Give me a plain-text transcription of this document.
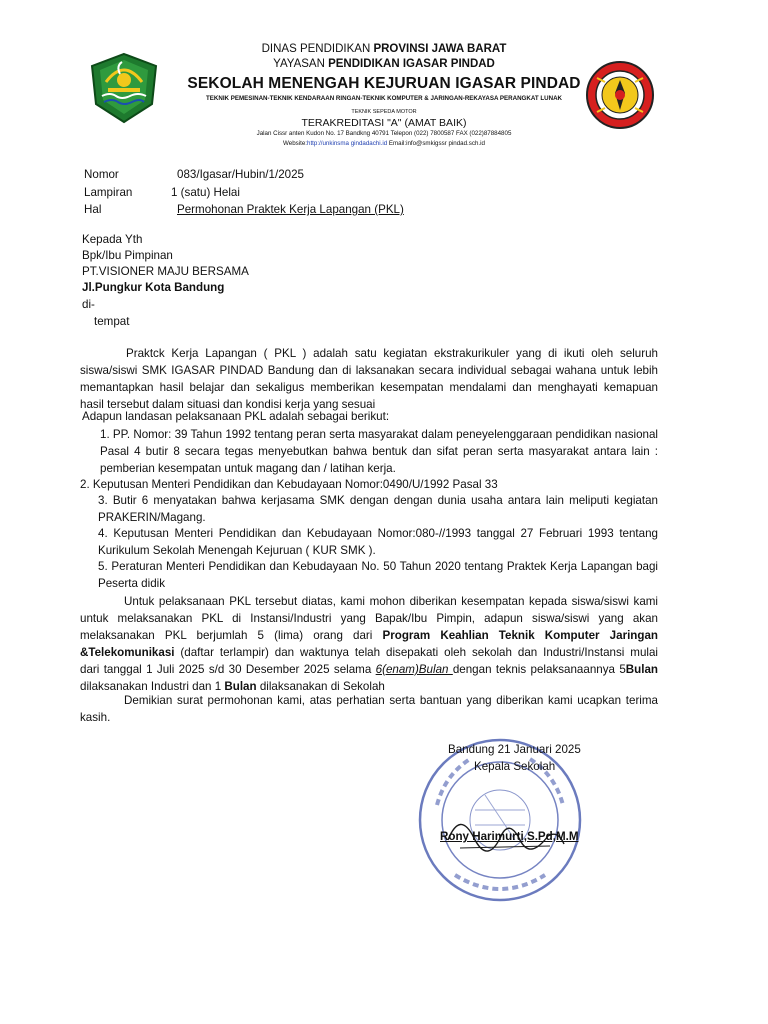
DINAS PENDIDIKAN PROVINSI JAWA BARAT
YAYASAN PENDIDIKAN IGASAR PINDAD
SEKOLAH MENENGAH KEJURUAN IGASAR PINDAD
TEKNIK PEMESINAN-TEKNIK KENDARAAN RINGAN-TEKNIK KOMPUTER & JARINGAN-REKAYASA PERANGKAT LUNAK
TEKNIK SEPEDA MOTOR
TERAKREDITASI "A" (AMAT BAIK)
Jalan Cissr anten Kudon No. 17 Bandkng 40791 Telepon (022) 7800587 FAX (022)87884805
Website:http://unkinsma gindadachi.id Email:info@smkigssr pindad.sch.id
Nomor	083/Igasar/Hubin/1/2025
Lampiran	1 (satu) Helai
Hal	Permohonan Praktek Kerja Lapangan (PKL)
Kepada Yth
Bpk/Ibu Pimpinan
PT.VISIONER MAJU BERSAMA
Jl.Pungkur Kota Bandung
di-
tempat
Praktck Kerja Lapangan ( PKL ) adalah satu kegiatan ekstrakurikuler yang di ikuti oleh seluruh
siswa/siswi SMK IGASAR PINDAD Bandung dan di laksanakan secara individual sebagai wahana untuk lebih
memantapkan hasil belajar dan sekaligus memberikan kesempatan mendalami dan menghayati kemapuan
hasil tersebut dalam situasi dan kondisi kerja yang sesuai
Adapun landasan pelaksanaan PKL adalah sebagai berikut:
1. PP. Nomor: 39 Tahun 1992 tentang peran serta masyarakat dalam peneyelenggaraan pendidikan nasional
Pasal 4 butir 8 secara tegas menyebutkan bahwa bentuk dan sifat peran serta masyarakat antara lain :
pemberian kesempatan untuk magang dan / latihan kerja.
2. Keputusan Menteri Pendidikan dan Kebudayaan Nomor:0490/U/1992 Pasal 33
3. Butir 6 menyatakan bahwa kerjasama SMK dengan dengan dunia usaha antara lain meliputi kegiatan
PRAKERIN/Magang.
4. Keputusan Menteri Pendidikan dan Kebudayaan Nomor:080-//1993 tanggal 27 Februari 1993 tentang
Kurikulum Sekolah Menengah Kejuruan ( KUR SMK ).
5. Peraturan Menteri Pendidikan dan Kebudayaan No. 50 Tahun 2020 tentang Praktek Kerja Lapangan bagi
Peserta didik
Untuk pelaksanaan PKL tersebut diatas, kami mohon diberikan kesempatan kepada siswa/siswi kami
untuk melaksanakan PKL di Instansi/Industri yang Bapak/Ibu Pimpin, adapun siswa/siswi yang akan
melaksanakan PKL berjumlah 5 (lima) orang dari Program Keahlian Teknik Komputer Jaringan
&Telekomunikasi (daftar terlampir) dan waktunya telah disepakati oleh sekolah dan Industri/Instansi mulai
dari tanggal 1 Juli 2025 s/d 30 Desember 2025 selama 6(enam)Bulan dengan teknis pelaksanaannya 5Bulan
dilaksanakan Industri dan 1 Bulan dilaksanakan di Sekolah
Demikian surat permohonan kami, atas perhatian serta bantuan yang diberikan kami ucapkan terima
kasih.
Bandung 21 Januari 2025
Kepala Sekolah
Rony Harimurti,S.Pd,M.M
